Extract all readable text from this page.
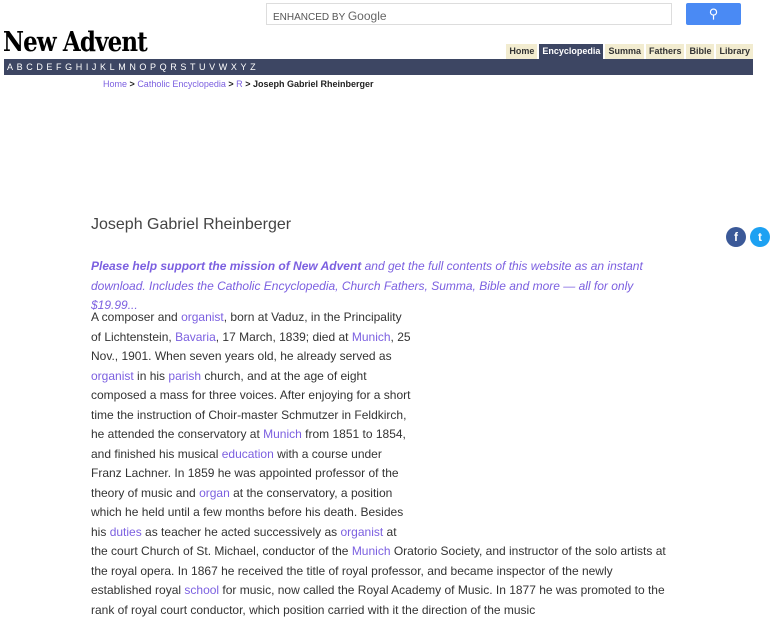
ENHANCED BY Google	⚲
New Advent	Home Encyclopedia Summa Fathers Bible Library
A B C D E F G H I J K L M N O P Q R S T U V W X Y Z
Home > Catholic Encyclopedia > R > Joseph Gabriel Rheinberger
Joseph Gabriel Rheinberger
f	t
Please help support the mission of New Advent and get the full contents of this website as an instant download. Includes the Catholic Encyclopedia, Church Fathers, Summa, Bible and more — all for only $19.99...
A composer and organist, born at Vaduz, in the Principality of Lichtenstein, Bavaria, 17 March, 1839; died at Munich, 25 Nov., 1901. When seven years old, he already served as organist in his parish church, and at the age of eight composed a mass for three voices. After enjoying for a short time the instruction of Choir-master Schmutzer in Feldkirch, he attended the conservatory at Munich from 1851 to 1854, and finished his musical education with a course under Franz Lachner. In 1859 he was appointed professor of the theory of music and organ at the conservatory, a position which he held until a few months before his death. Besides his duties as teacher he acted successively as organist at the court Church of St. Michael, conductor of the Munich Oratorio Society, and instructor of the solo artists at the royal opera. In 1867 he received the title of royal professor, and became inspector of the newly established royal school for music, now called the Royal Academy of Music. In 1877 he was promoted to the rank of royal court conductor, which position carried with it the direction of the music
